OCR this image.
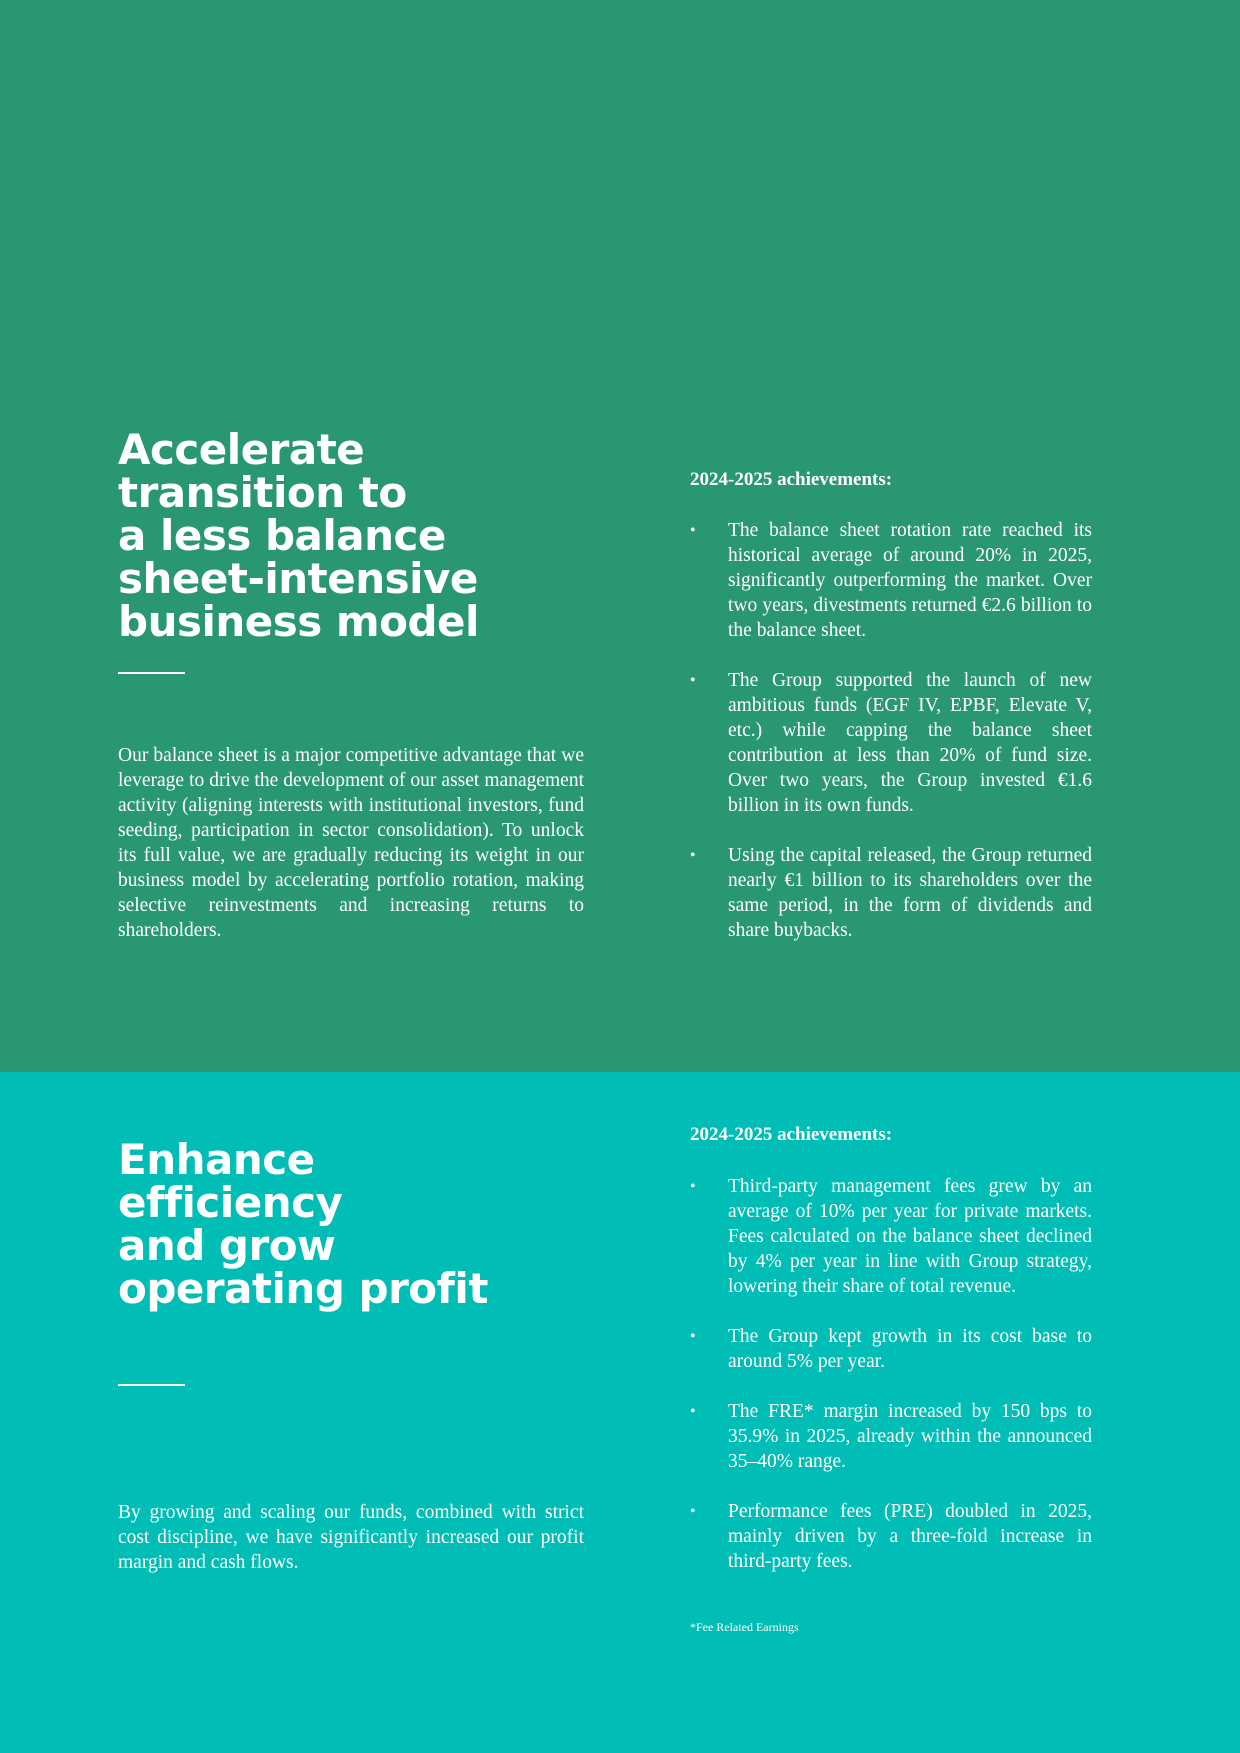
Accelerate
transition to
a less balance
sheet-intensive
business model

Our balance sheet is a major competitive advantage that we leverage to drive the development of our asset management activity (aligning interests with institutional investors, fund seeding, participation in sector consolidation). To unlock its full value, we are gradually reducing its weight in our business model by accelerating portfolio rotation, making selective reinvestments and increasing returns to shareholders.

2024-2025 achievements:
•	The balance sheet rotation rate reached its historical average of around 20% in 2025, significantly outperforming the market. Over two years, divestments returned €2.6 billion to the balance sheet.
•	The Group supported the launch of new ambitious funds (EGF IV, EPBF, Elevate V, etc.) while capping the balance sheet contribution at less than 20% of fund size. Over two years, the Group invested €1.6 billion in its own funds.
•	Using the capital released, the Group returned nearly €1 billion to its shareholders over the same period, in the form of dividends and share buybacks.
Enhance
efficiency
and grow
operating profit

By growing and scaling our funds, combined with strict cost discipline, we have significantly increased our profit margin and cash flows.

2024-2025 achievements:
•	Third-party management fees grew by an average of 10% per year for private markets. Fees calculated on the balance sheet declined by 4% per year in line with Group strategy, lowering their share of total revenue.
•	The Group kept growth in its cost base to around 5% per year.
•	The FRE* margin increased by 150 bps to 35.9% in 2025, already within the announced 35–40% range.
•	Performance fees (PRE) doubled in 2025, mainly driven by a three-fold increase in third-party fees.
*Fee Related Earnings
